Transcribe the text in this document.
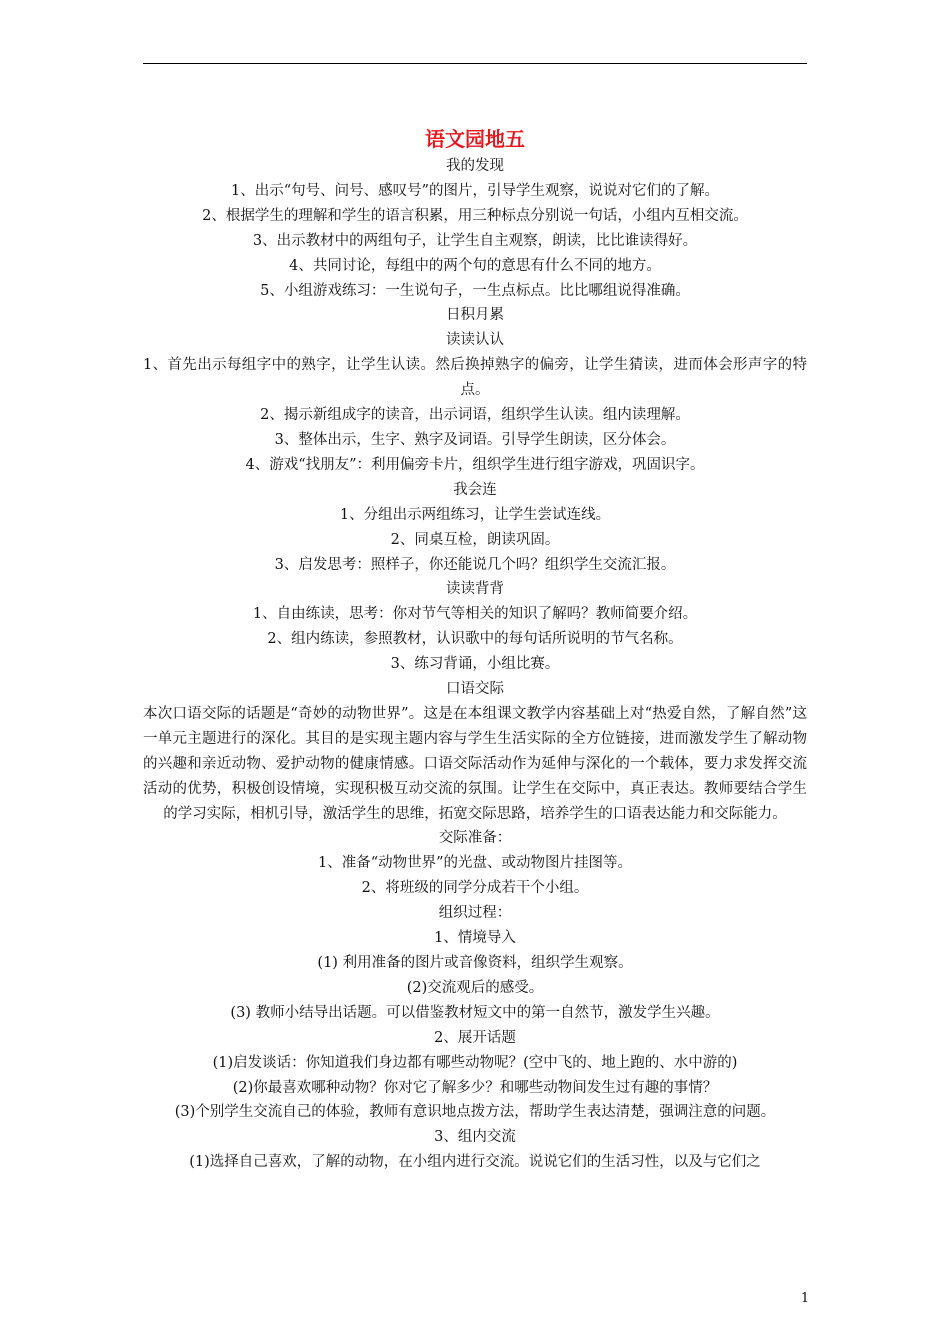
语文园地五

我的发现

1、出示“句号、问号、感叹号”的图片，引导学生观察，说说对它们的了解。

2、根据学生的理解和学生的语言积累，用三种标点分别说一句话，小组内互相交流。

3、出示教材中的两组句子，让学生自主观察，朗读，比比谁读得好。

4、共同讨论，每组中的两个句的意思有什么不同的地方。

5、小组游戏练习：一生说句子，一生点标点。比比哪组说得准确。

日积月累

读读认认

1、首先出示每组字中的熟字，让学生认读。然后换掉熟字的偏旁，让学生猜读，进而体会形声字的特点。

2、揭示新组成字的读音，出示词语，组织学生认读。组内读理解。

3、整体出示，生字、熟字及词语。引导学生朗读，区分体会。

4、游戏“找朋友”：利用偏旁卡片，组织学生进行组字游戏，巩固识字。

我会连

1、分组出示两组练习，让学生尝试连线。

2、同桌互检，朗读巩固。

3、启发思考：照样子，你还能说几个吗？组织学生交流汇报。

读读背背

1、自由练读，思考：你对节气等相关的知识了解吗？教师简要介绍。

2、组内练读，参照教材，认识歌中的每句话所说明的节气名称。

3、练习背诵，小组比赛。

口语交际

本次口语交际的话题是“奇妙的动物世界”。这是在本组课文教学内容基础上对“热爱自然，了解自然”这一单元主题进行的深化。其目的是实现主题内容与学生生活实际的全方位链接，进而激发学生了解动物的兴趣和亲近动物、爱护动物的健康情感。口语交际活动作为延伸与深化的一个载体，要力求发挥交流活动的优势，积极创设情境，实现积极互动交流的氛围。让学生在交际中，真正表达。教师要结合学生的学习实际，相机引导，激活学生的思维，拓宽交际思路，培养学生的口语表达能力和交际能力。

交际准备：

1、准备“动物世界”的光盘、或动物图片挂图等。

2、将班级的同学分成若干个小组。

组织过程：

1、情境导入

(1) 利用准备的图片或音像资料，组织学生观察。

(2)交流观后的感受。

(3) 教师小结导出话题。可以借鉴教材短文中的第一自然节，激发学生兴趣。

2、展开话题

(1)启发谈话：你知道我们身边都有哪些动物呢？(空中飞的、地上跑的、水中游的)

(2)你最喜欢哪种动物？你对它了解多少？和哪些动物间发生过有趣的事情？

(3)个别学生交流自己的体验，教师有意识地点拨方法，帮助学生表达清楚，强调注意的问题。

3、组内交流

(1)选择自己喜欢，了解的动物，在小组内进行交流。说说它们的生活习性，以及与它们之

1
